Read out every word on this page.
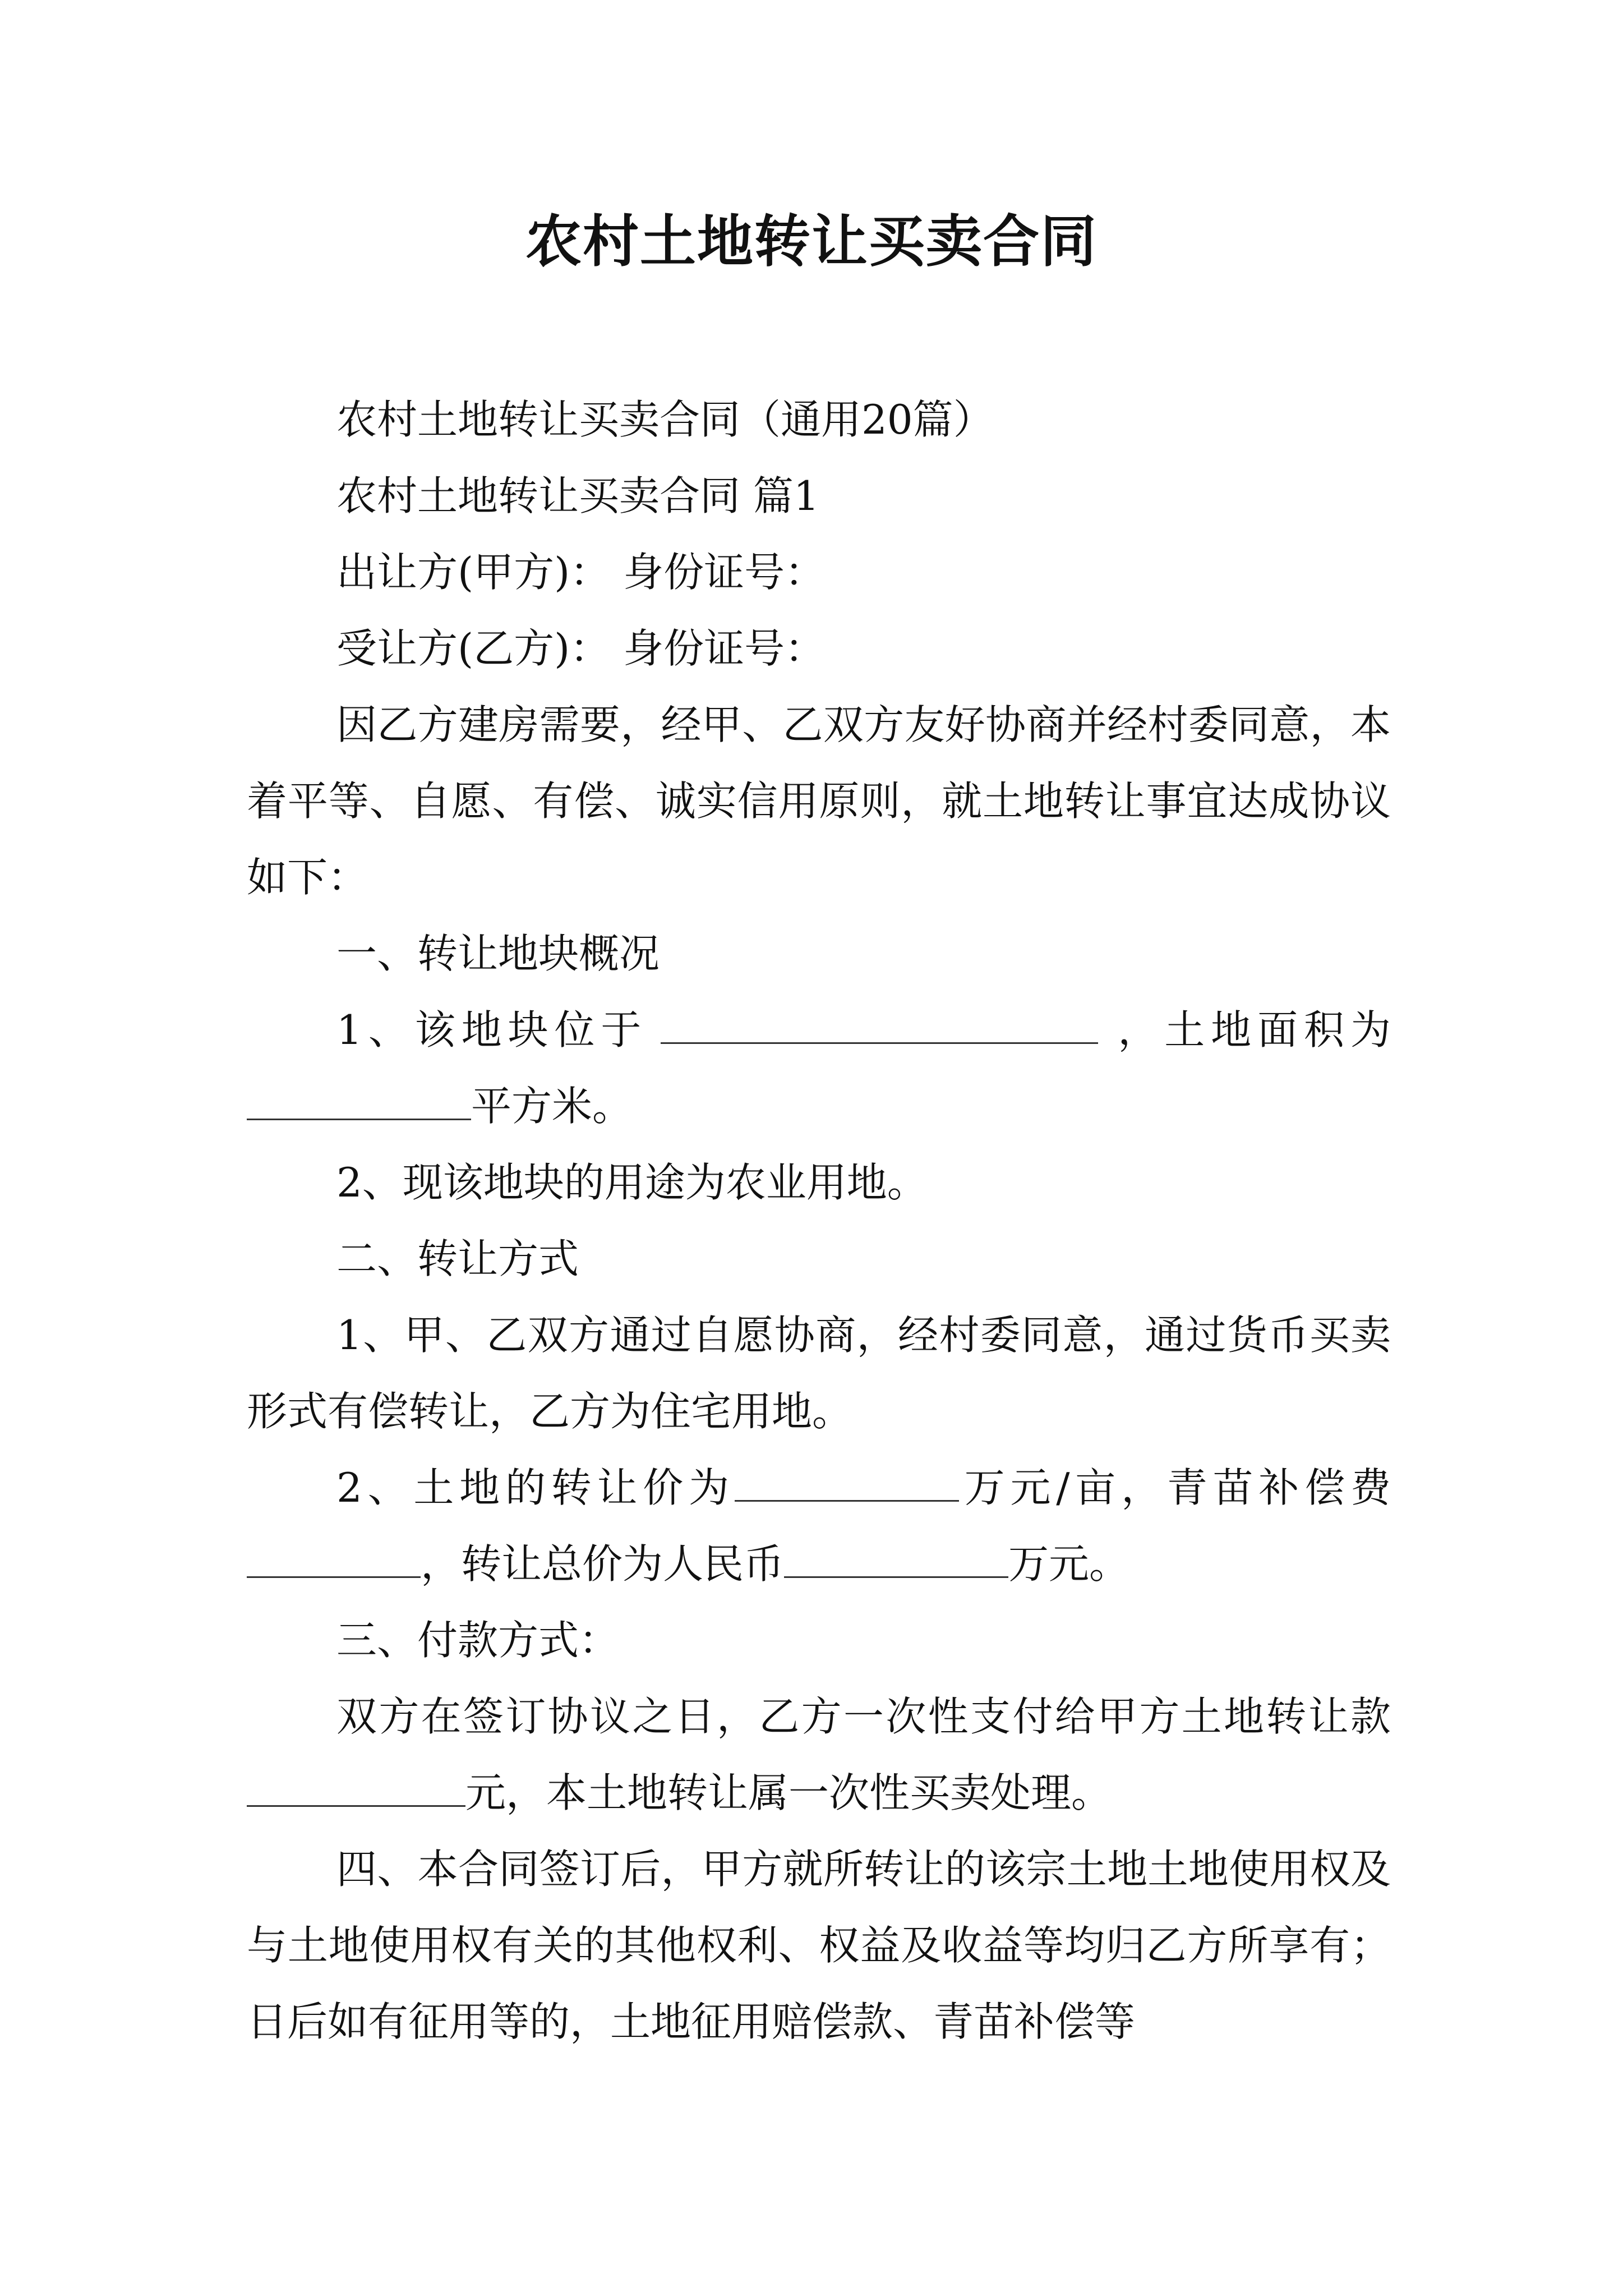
农村土地转让买卖合同

农村土地转让买卖合同（通用20篇）

农村土地转让买卖合同 篇1

出让方(甲方)： 身份证号：

受让方(乙方)： 身份证号：

因乙方建房需要，经甲、乙双方友好协商并经村委同意，本着平等、自愿、有偿、诚实信用原则，就土地转让事宜达成协议如下：

一、转让地块概况

1、该地块位于	，土地面积为平方米。

2、现该地块的用途为农业用地。

二、转让方式

1、甲、乙双方通过自愿协商，经村委同意，通过货币买卖形式有偿转让，乙方为住宅用地。

2、土地的转让价为	万元/亩，青苗补偿费，转让总价为人民币	万元。

三、付款方式：

双方在签订协议之日，乙方一次性支付给甲方土地转让款元，本土地转让属一次性买卖处理。

四、本合同签订后，甲方就所转让的该宗土地土地使用权及与土地使用权有关的其他权利、权益及收益等均归乙方所享有；日后如有征用等的，土地征用赔偿款、青苗补偿等
